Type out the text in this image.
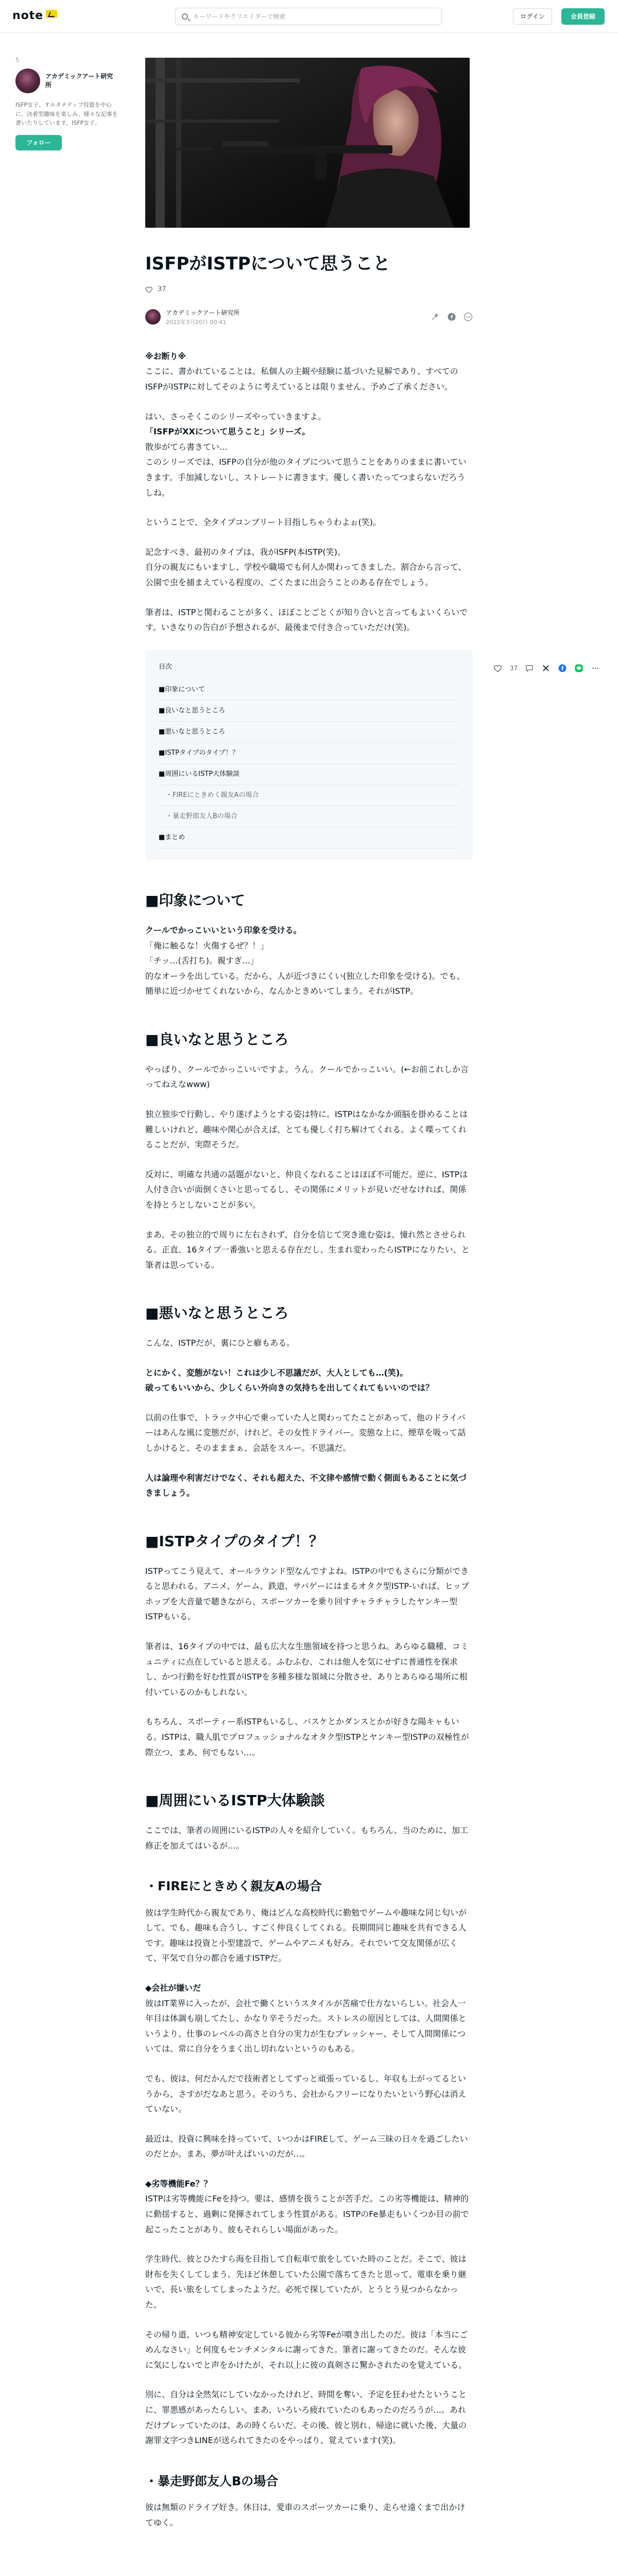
note
キーワードやクリエイターで検索	ログイン	会員登録
5
アカデミックアート研究所
ISFP女子。オルタナティブ投資を中心に、決着型趣味を楽しみ、様々な記事を書いたりしています。ISFP女子。
フォロー
ISFPがISTPについて思うこと
37
アカデミックアート研究所
2022年3月20日 00:41

※お断り※
ここに、書かれていることは、私個人の主観や経験に基づいた見解であり、すべてのISFPがISTPに対してそのように考えているとは限りません。予めご了承ください。

はい、さっそくこのシリーズやっていきますよ。
「ISFPがXXについて思うこと」シリーズ。
散歩がてら書きてい…
このシリーズでは、ISFPの自分が他のタイプについて思うことをありのままに書いていきます。手加減しないし、ストレートに書きます。優しく書いたってつまらないだろうしね。

ということで、全タイプコンプリート目指しちゃうわよぉ(笑)。

記念すべき、最初のタイプは、我がISFP(本ISTP(笑)。
自分の親友にもいますし、学校や職場でも何人か関わってきました。割合から言って、公園で虫を捕まえている程度の、ごくたまに出会うことのある存在でしょう。

筆者は、ISTPと関わることが多く、ほぼことごとくが知り合いと言ってもよいくらいです。いきなりの告白が予想されるが、最後まで付き合っていただけ(笑)。

目次
■印象について
■良いなと思うところ
■悪いなと思うところ
■ISTPタイプのタイプ！？
■周囲にいるISTP大体験談
・FIREにときめく親友Aの場合
・暴走野郎友人Bの場合
■まとめ
■印象について

クールでかっこいいという印象を受ける。
「俺に触るな！火傷するぜ？！」
「チッ…(舌打ち)。親すぎ…」
的なオーラを出している。だから、人が近づきにくい(独立した印象を受ける)。でも、簡単に近づかせてくれないから、なんかときめいてしまう。それがISTP。

■良いなと思うところ

やっぱり、クールでかっこいいですよ。うん。クールでかっこいい。(←お前これしか言ってねえなwww)

独立独歩で行動し、やり遂げようとする姿は特に。ISTPはなかなか頭脳を掛めることは難しいけれど、趣味や関心が合えば、とても優しく打ち解けてくれる。よく喋ってくれることだが、実際そうだ。

反対に、明確な共通の話題がないと、仲良くなれることはほぼ不可能だ。逆に、ISTPは人付き合いが面倒くさいと思ってるし、その関係にメリットが見いだせなければ、関係を持とうとしないことが多い。

まあ、その独立的で周りに左右されず、自分を信じて突き進む姿は、憧れ然とさせられる。正直、16タイプ一番強いと思える存在だし、生まれ変わったらISTPになりたい、と筆者は思っている。

■悪いなと思うところ

こんな、ISTPだが、裏にひと癖もある。

とにかく、変態がない！これは少し不思議だが、大人としても…(笑)。
破ってもいいから、少しくらい外向きの気持ちを出してくれてもいいのでは？

以前の仕事で、トラック中心で乗っていた人と関わってたことがあって、他のドライバーはあんな風に変態だが、けれど、その女性ドライバー。変態な上に、煙草を吸って話しかけると、そのまままぁ、会話をスルー。不思議だ。

人は論理や利害だけでなく、それも超えた、不文律や感情で動く側面もあることに気づきましょう。

■ISTPタイプのタイプ！？

ISTPってこう見えて、オールラウンド型なんですよね。ISTPの中でもさらに分類ができると思われる。アニメ、ゲーム、鉄道、サバゲーにはまるオタク型ISTP-いれば、ヒップホップを大音量で聴きながら、スポーツカーを乗り回すチャラチャラしたヤンキー型ISTPもいる。

筆者は、16タイプの中では、最も広大な生態領域を持つと思うね。あらゆる職種、コミュニティに点在していると思える。ふむふむ、これは他人を気にせずに普通性を探求し、かつ行動を好む性質がISTPを多種多様な領域に分散させ、ありとあらゆる場所に根付いているのかもしれない。

もちろん、スポーティー系ISTPもいるし、バスケとかダンスとかが好きな陽キャもいる。ISTPは、職人肌でプロフェッショナルなオタク型ISTPとヤンキー型ISTPの双極性が際立つ、まあ、何でもない…。

■周囲にいるISTP大体験談

ここでは、筆者の周囲にいるISTPの人々を紹介していく。もちろん、当のために、加工修正を加えてはいるが…。

・FIREにときめく親友Aの場合

彼は学生時代から親友であり、俺はどんな高校時代に勤勉でゲームや趣味な同じ匂いがして、でも、趣味も合うし、すごく仲良くしてくれる。長期間同じ趣味を共有できる人です。趣味は投資と小型建設で、ゲームやアニメも好み。それでいて交友関係が広くて、平気で自分の都合を通すISTPだ。

◆会社が嫌いだ
彼はIT業界に入ったが、会社で働くというスタイルが苦痛で仕方ないらしい。社会人一年目は体調も崩してたし、かなり辛そうだった。ストレスの原因としては、人間関係というより、仕事のレベルの高さと自分の実力が生むプレッシャー、そして人間関係については、常に自分をうまく出し切れないというのもある。

でも、彼は、何だかんだで技術者としてずっと頑張っているし、年収も上がってるというから、さすがだなあと思う。そのうち、会社からフリーになりたいという野心は消えていない。

最近は、投資に興味を持っていて、いつかはFIREして、ゲーム三昧の日々を過ごしたいのだとか。まあ、夢が叶えばいいのだが…。

◆劣等機能Fe？？
ISTPは劣等機能にFeを持つ。要は、感情を扱うことが苦手だ。この劣等機能は、精神的に動揺すると、過剰に発揮されてしまう性質がある。ISTPのFe暴走もいくつか目の前で起こったことがあり、彼もそれらしい場面があった。

学生時代、彼とひたすら海を目指して自転車で旅をしていた時のことだ。そこで、彼は財布を失くしてしまう。先ほど休憩していた公園で落ちてきたと思って、電車を乗り継いで、長い旅をしてしまったようだ。必死で探していたが、とうとう見つからなかった。

その帰り道、いつも精神安定している彼から劣等Feが噴き出したのだ。彼は「本当にごめんなさい」と何度もセンチメンタルに謝ってきた。筆者に謝ってきたのだ。そんな彼に気にしないでと声をかけたが、それ以上に彼の真剣さに驚かされたのを覚えている。

別に、自分は全然気にしていなかったけれど、時間を奪い、予定を狂わせたということに、罪悪感があったらしい。まあ、いろいろ疲れていたのもあったのだろうが…。あれだけプレッていたのは、あの時くらいだ。その後、彼と別れ、帰途に就いた後、大量の謝罪文字つきLINEが送られてきたのをやっぱり、覚えています(笑)。

・暴走野郎友人Bの場合

彼は無類のドライブ好き。休日は、愛車のスポーツカーに乗り、走らせ遠くまで出かけてゆく。

37
